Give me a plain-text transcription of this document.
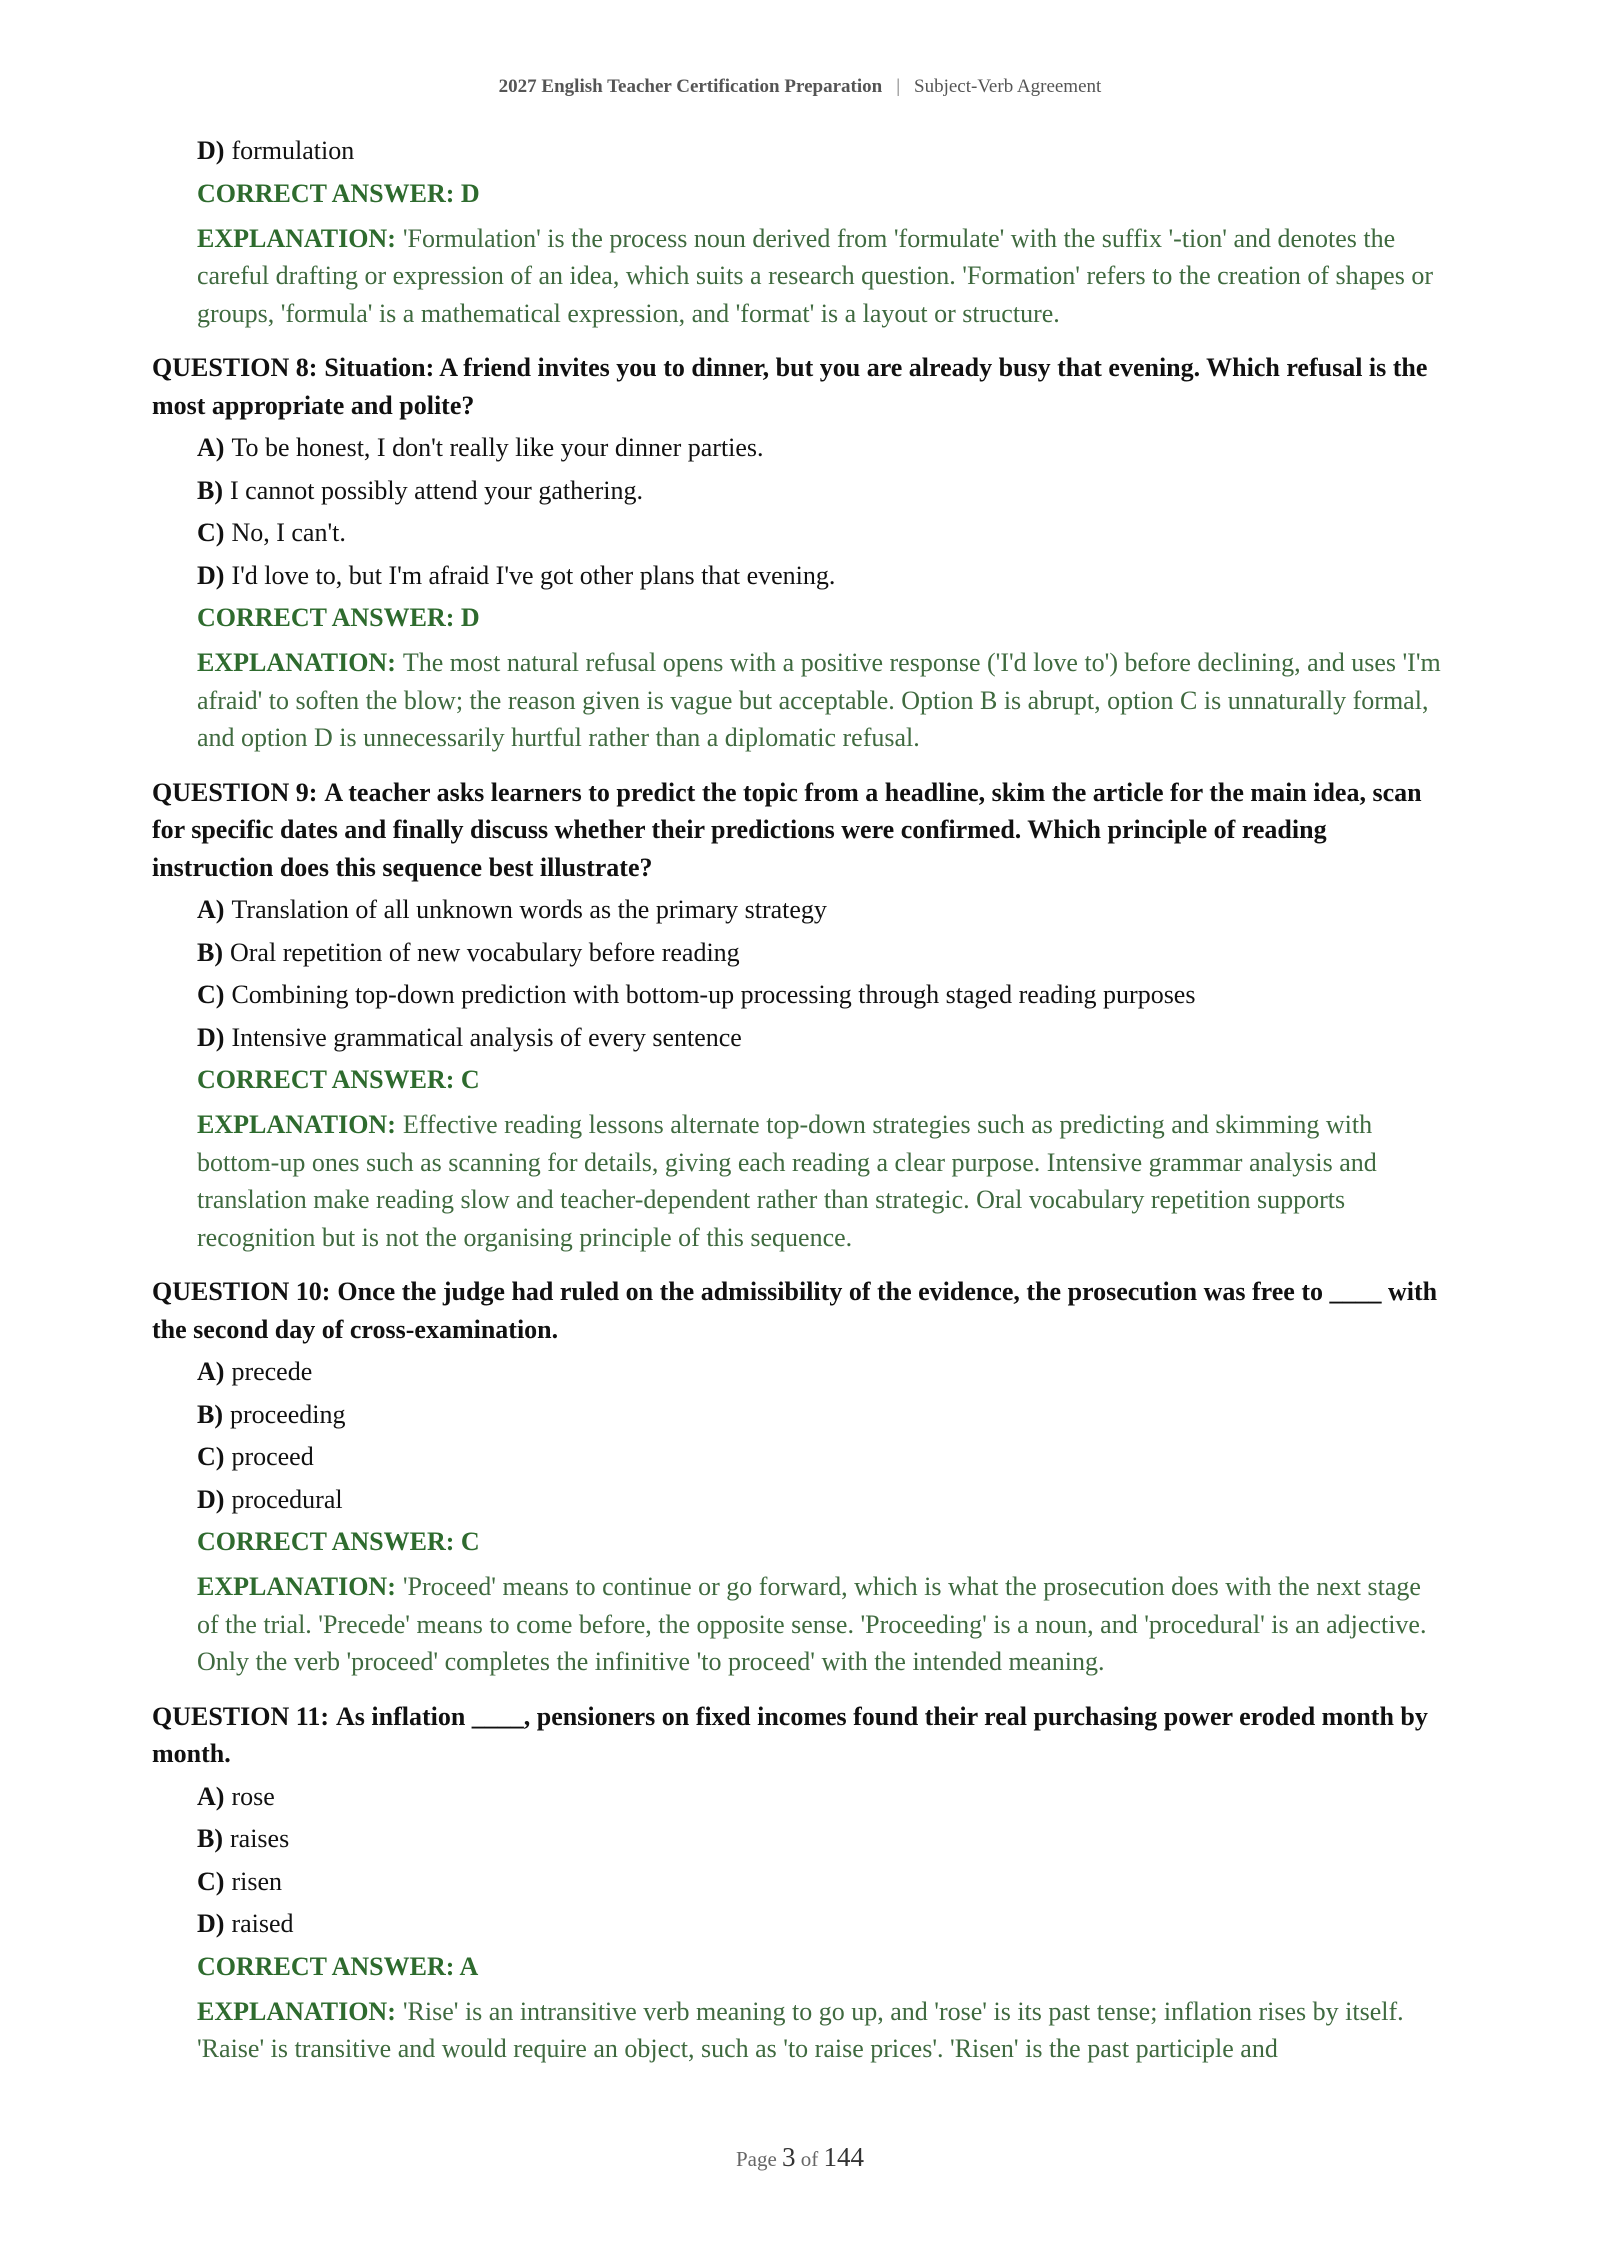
2027 English Teacher Certification Preparation | Subject-Verb Agreement
D) formulation
CORRECT ANSWER: D
EXPLANATION: 'Formulation' is the process noun derived from 'formulate' with the suffix '-tion' and denotes the careful drafting or expression of an idea, which suits a research question. 'Formation' refers to the creation of shapes or groups, 'formula' is a mathematical expression, and 'format' is a layout or structure.
QUESTION 8: Situation: A friend invites you to dinner, but you are already busy that evening. Which refusal is the most appropriate and polite?
A) To be honest, I don't really like your dinner parties.
B) I cannot possibly attend your gathering.
C) No, I can't.
D) I'd love to, but I'm afraid I've got other plans that evening.
CORRECT ANSWER: D
EXPLANATION: The most natural refusal opens with a positive response ('I'd love to') before declining, and uses 'I'm afraid' to soften the blow; the reason given is vague but acceptable. Option B is abrupt, option C is unnaturally formal, and option D is unnecessarily hurtful rather than a diplomatic refusal.
QUESTION 9: A teacher asks learners to predict the topic from a headline, skim the article for the main idea, scan for specific dates and finally discuss whether their predictions were confirmed. Which principle of reading instruction does this sequence best illustrate?
A) Translation of all unknown words as the primary strategy
B) Oral repetition of new vocabulary before reading
C) Combining top-down prediction with bottom-up processing through staged reading purposes
D) Intensive grammatical analysis of every sentence
CORRECT ANSWER: C
EXPLANATION: Effective reading lessons alternate top-down strategies such as predicting and skimming with bottom-up ones such as scanning for details, giving each reading a clear purpose. Intensive grammar analysis and translation make reading slow and teacher-dependent rather than strategic. Oral vocabulary repetition supports recognition but is not the organising principle of this sequence.
QUESTION 10: Once the judge had ruled on the admissibility of the evidence, the prosecution was free to ____ with the second day of cross-examination.
A) precede
B) proceeding
C) proceed
D) procedural
CORRECT ANSWER: C
EXPLANATION: 'Proceed' means to continue or go forward, which is what the prosecution does with the next stage of the trial. 'Precede' means to come before, the opposite sense. 'Proceeding' is a noun, and 'procedural' is an adjective. Only the verb 'proceed' completes the infinitive 'to proceed' with the intended meaning.
QUESTION 11: As inflation ____, pensioners on fixed incomes found their real purchasing power eroded month by month.
A) rose
B) raises
C) risen
D) raised
CORRECT ANSWER: A
EXPLANATION: 'Rise' is an intransitive verb meaning to go up, and 'rose' is its past tense; inflation rises by itself. 'Raise' is transitive and would require an object, such as 'to raise prices'. 'Risen' is the past participle and
Page 3 of 144
